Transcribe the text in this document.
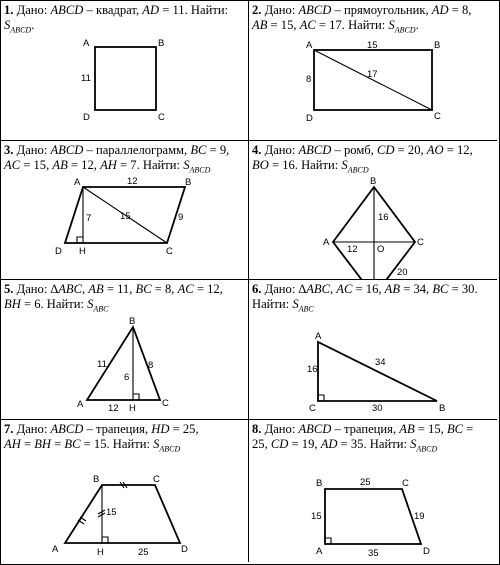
1. Дано: ABCD – квадрат, AD = 11. Найти:
$S_{ABCD}$.
A	B
C
D
11
2. Дано: ABCD – прямоугольник, AD = 8,
AB = 15, AC = 17. Найти: $S_{ABCD}$.
A	B
C
D
15
8	17
3. Дано: ABCD – параллелограмм, BC = 9,
AC = 15, AB = 12, AH = 7. Найти: $S_{ABCD}$
A	B
C
D H
12
15	9
7
4. Дано: ABCD – ромб, CD = 20, AO = 12,
BO = 16. Найти: $S_{ABCD}$
B
C
D
A
O
16
12
20
5. Дано: ∆ABC, AB = 11, BC = 8, AC = 12,
BH = 6. Найти: $S_{ABC}$
B
A	C
H
11	8
6
12
6. Дано: ∆ABC, AC = 16, AB = 34, BC = 30.
Найти: $S_{ABC}$
A
C	B
16
34
30
7. Дано: ABCD – трапеция, HD = 25,
AH = BH = BC = 15. Найти: $S_{ABCD}$
B	C
A	D
H
15
25
8. Дано: ABCD – трапеция, AB = 15, BC =
25, CD = 19, AD = 35. Найти: $S_{ABCD}$
B	C
A	D
15
25
19
35
